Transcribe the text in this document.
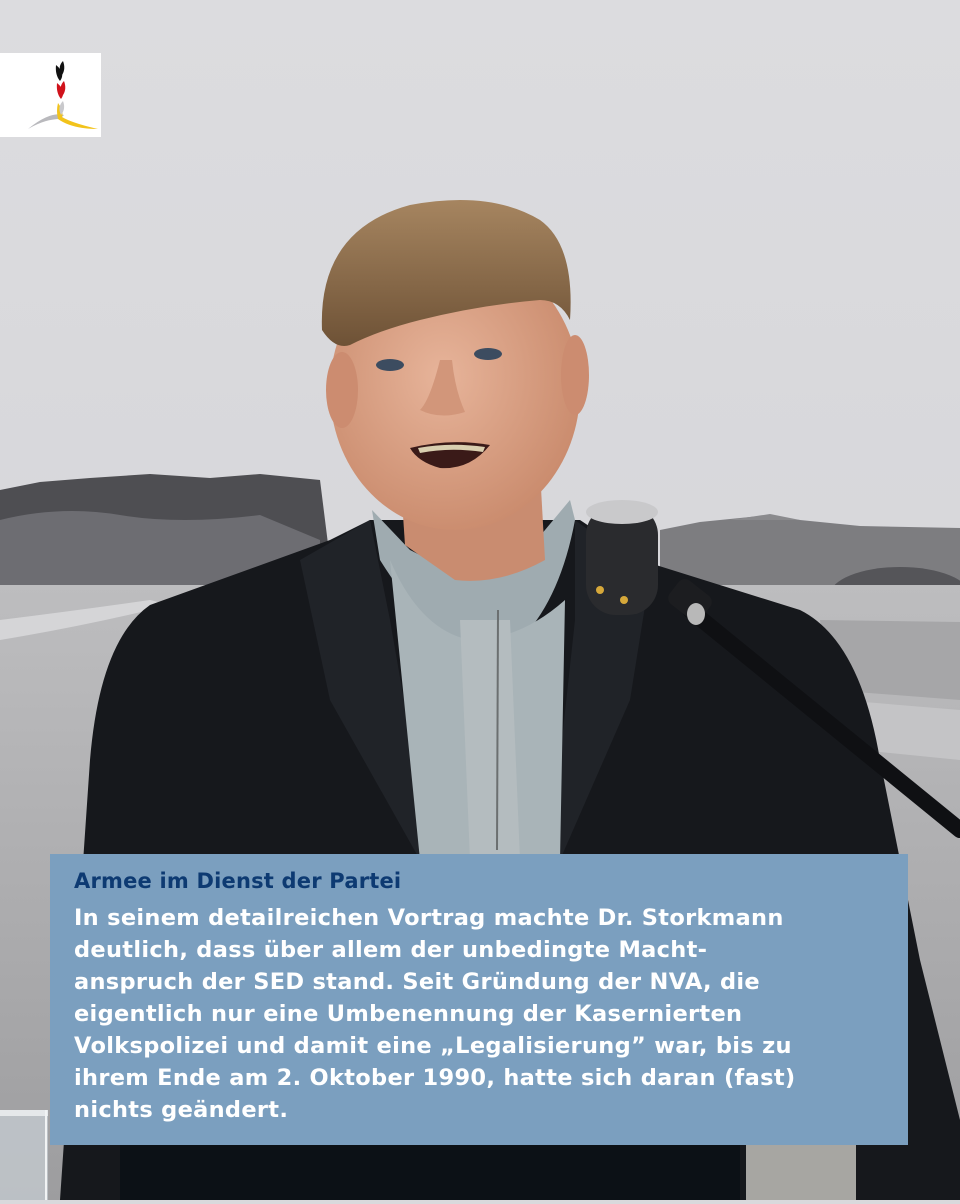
Armee im Dienst der Partei

In seinem detailreichen Vortrag machte Dr. Storkmann
deutlich, dass über allem der unbedingte Macht-
anspruch der SED stand. Seit Gründung der NVA, die
eigentlich nur eine Umbenennung der Kasernierten
Volkspolizei und damit eine „Legalisierung” war, bis zu
ihrem Ende am 2. Oktober 1990, hatte sich daran (fast)
nichts geändert.
